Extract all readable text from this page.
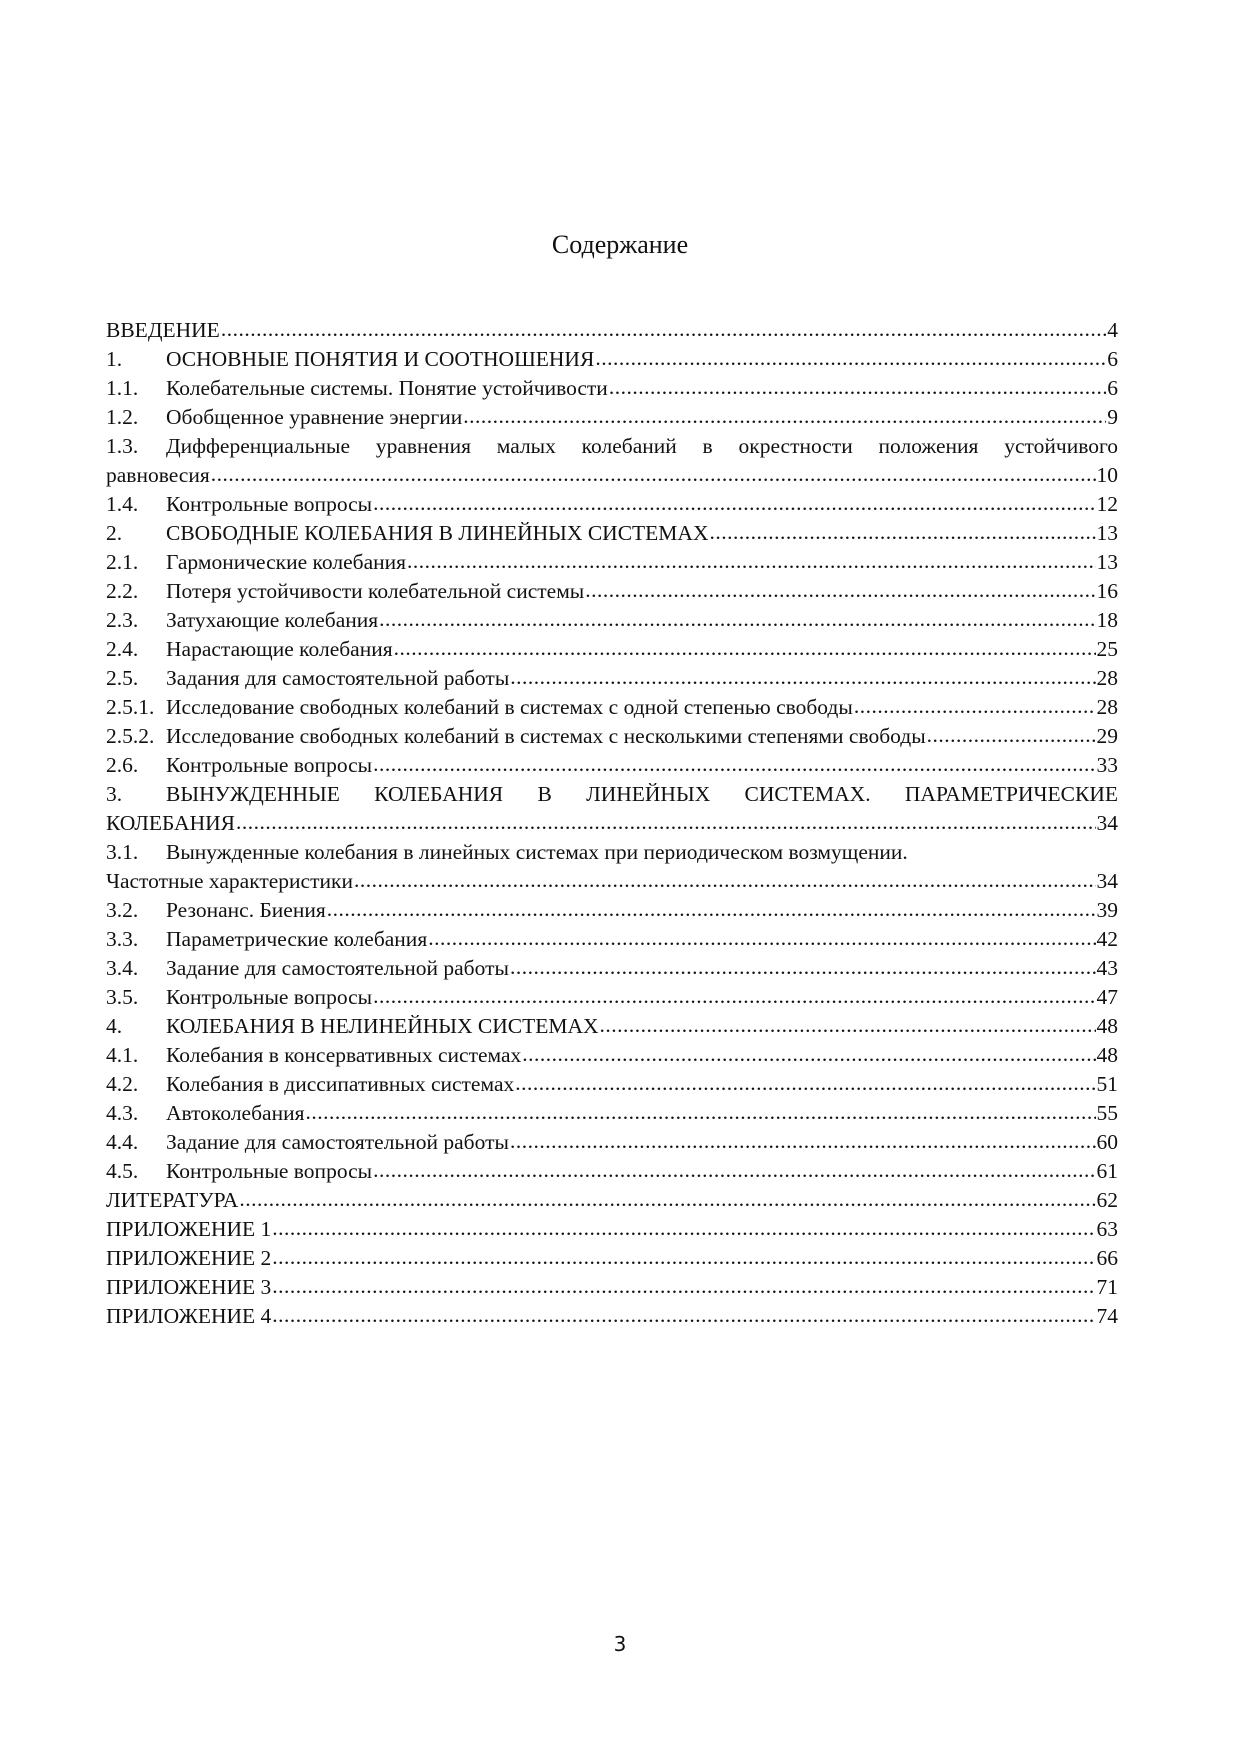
Содержание
ВВЕДЕНИЕ .....	4
1.	ОСНОВНЫЕ ПОНЯТИЯ И СООТНОШЕНИЯ .....	6
1.1.	Колебательные системы. Понятие устойчивости .....	6
1.2.	Обобщенное уравнение энергии .....	9
1.3.	Дифференциальные уравнения малых колебаний в окрестности положения устойчивого
равновесия .....	10
1.4.	Контрольные вопросы .....	12
2.	СВОБОДНЫЕ КОЛЕБАНИЯ В ЛИНЕЙНЫХ СИСТЕМАХ .....	13
2.1.	Гармонические колебания .....	13
2.2.	Потеря устойчивости колебательной системы .....	16
2.3.	Затухающие колебания .....	18
2.4.	Нарастающие колебания .....	25
2.5.	Задания для самостоятельной работы .....	28
2.5.1. Исследование свободных колебаний в системах с одной степенью свободы .....	28
2.5.2. Исследование свободных колебаний в системах с несколькими степенями свободы .....	29
2.6.	Контрольные вопросы .....	33
3.	ВЫНУЖДЕННЫЕ КОЛЕБАНИЯ В ЛИНЕЙНЫХ СИСТЕМАХ. ПАРАМЕТРИЧЕСКИЕ
КОЛЕБАНИЯ .....	34
3.1.	Вынужденные колебания в линейных системах при периодическом возмущении.
Частотные характеристики .....	34
3.2.	Резонанс. Биения .....	39
3.3.	Параметрические колебания .....	42
3.4.	Задание для самостоятельной работы .....	43
3.5.	Контрольные вопросы .....	47
4.	КОЛЕБАНИЯ В НЕЛИНЕЙНЫХ СИСТЕМАХ .....	48
4.1.	Колебания в консервативных системах .....	48
4.2.	Колебания в диссипативных системах .....	51
4.3.	Автоколебания .....	55
4.4.	Задание для самостоятельной работы .....	60
4.5.	Контрольные вопросы .....	61
ЛИТЕРАТУРА .....	62
ПРИЛОЖЕНИЕ 1 .....	63
ПРИЛОЖЕНИЕ 2 .....	66
ПРИЛОЖЕНИЕ 3 .....	71
ПРИЛОЖЕНИЕ 4 .....	74
3
